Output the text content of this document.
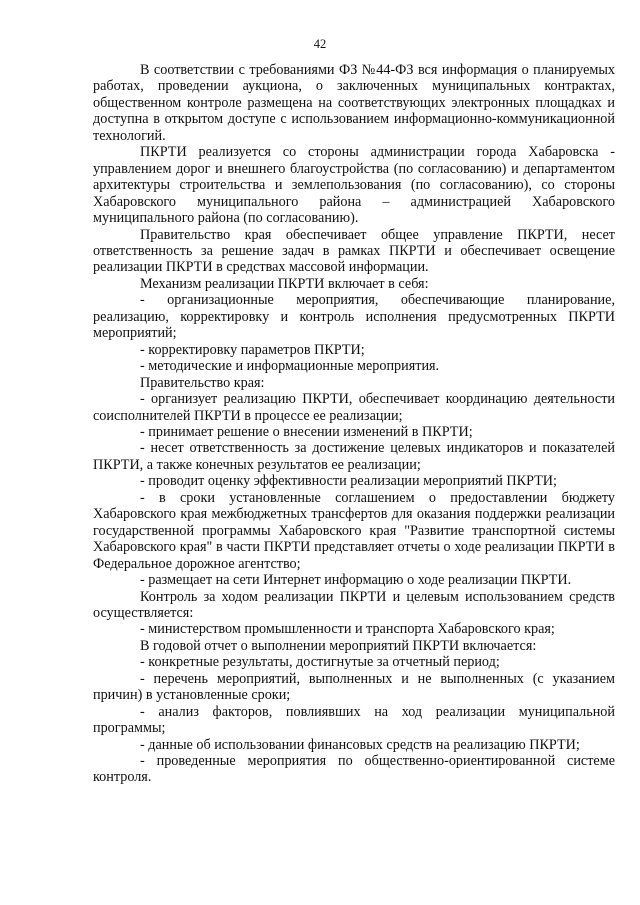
42

В соответствии с требованиями ФЗ №44-ФЗ вся информация о планируемых работах, проведении аукциона, о заключенных муниципальных контрактах, общественном контроле размещена на соответствующих электронных площадках и доступна в открытом доступе с использованием информационно-коммуникационной технологий.

ПКРТИ реализуется со стороны администрации города Хабаровска - управлением дорог и внешнего благоустройства (по согласованию) и департаментом архитектуры строительства и землепользования (по согласованию), со стороны Хабаровского муниципального района – администрацией Хабаровского муниципального района (по согласованию).

Правительство края обеспечивает общее управление ПКРТИ, несет ответственность за решение задач в рамках ПКРТИ и обеспечивает освещение реализации ПКРТИ в средствах массовой информации.

Механизм реализации ПКРТИ включает в себя:

- организационные мероприятия, обеспечивающие планирование, реализацию, корректировку и контроль исполнения предусмотренных ПКРТИ мероприятий;

- корректировку параметров ПКРТИ;

- методические и информационные мероприятия.

Правительство края:

- организует реализацию ПКРТИ, обеспечивает координацию деятельности соисполнителей ПКРТИ в процессе ее реализации;

- принимает решение о внесении изменений в ПКРТИ;

- несет ответственность за достижение целевых индикаторов и показателей ПКРТИ, а также конечных результатов ее реализации;

- проводит оценку эффективности реализации мероприятий ПКРТИ;

- в сроки установленные соглашением о предоставлении бюджету Хабаровского края межбюджетных трансфертов для оказания поддержки реализации государственной программы Хабаровского края "Развитие транспортной системы Хабаровского края" в части ПКРТИ представляет отчеты о ходе реализации ПКРТИ в Федеральное дорожное агентство;

- размещает на сети Интернет информацию о ходе реализации ПКРТИ.

Контроль за ходом реализации ПКРТИ и целевым использованием средств осуществляется:

- министерством промышленности и транспорта Хабаровского края;

В годовой отчет о выполнении мероприятий ПКРТИ включается:

- конкретные результаты, достигнутые за отчетный период;

- перечень мероприятий, выполненных и не выполненных (с указанием причин) в установленные сроки;

- анализ факторов, повлиявших на ход реализации муниципальной программы;

- данные об использовании финансовых средств на реализацию ПКРТИ;

- проведенные мероприятия по общественно-ориентированной системе контроля.
